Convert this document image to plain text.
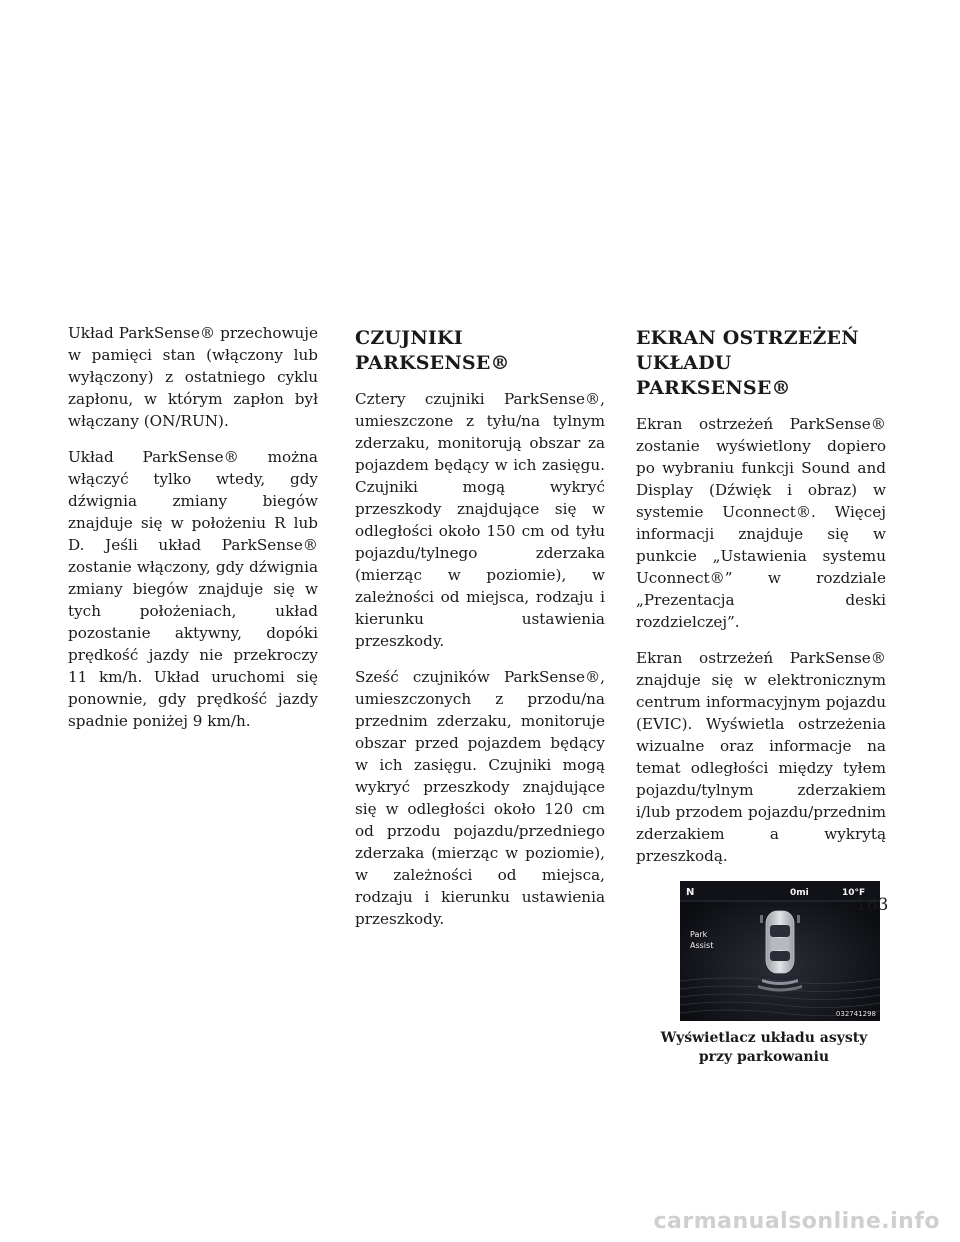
Układ ParkSense® przechowuje w pamięci stan (włączony lub wyłączony) z ostatniego cyklu zapłonu, w którym zapłon był włączany (ON/RUN).

Układ ParkSense® można włączyć tylko wtedy, gdy dźwignia zmiany biegów znajduje się w położeniu R lub D. Jeśli układ ParkSense® zostanie włączony, gdy dźwignia zmiany biegów znajduje się w tych położeniach, układ pozostanie aktywny, dopóki prędkość jazdy nie przekroczy 11 km/h. Układ uruchomi się ponownie, gdy prędkość jazdy spadnie poniżej 9 km/h.

CZUJNIKI PARKSENSE®

Cztery czujniki ParkSense®, umieszczone z tyłu/na tylnym zderzaku, monitorują obszar za pojazdem będący w ich zasięgu. Czujniki mogą wykryć przeszkody znajdujące się w odległości około 150 cm od tyłu pojazdu/tylnego zderzaka (mierząc w poziomie), w zależności od miejsca, rodzaju i kierunku ustawienia przeszkody.

Sześć czujników ParkSense®, umieszczonych z przodu/na przednim zderzaku, monitoruje obszar przed pojazdem będący w ich zasięgu. Czujniki mogą wykryć przeszkody znajdujące się w odległości około 120 cm od przodu pojazdu/przedniego zderzaka (mierząc w poziomie), w zależności od miejsca, rodzaju i kierunku ustawienia przeszkody.

EKRAN OSTRZEŻEŃ
UKŁADU PARKSENSE®

Ekran ostrzeżeń ParkSense® zostanie wyświetlony dopiero po wybraniu funkcji Sound and Display (Dźwięk i obraz) w systemie Uconnect®. Więcej informacji znajduje się w punkcie „Ustawienia systemu Uconnect®” w rozdziale „Prezentacja deski rozdzielczej”.

Ekran ostrzeżeń ParkSense® znajduje się w elektronicznym centrum informacyjnym pojazdu (EVIC). Wyświetla ostrzeżenia wizualne oraz informacje na temat odległości między tyłem pojazdu/tylnym zderzakiem i/lub przodem pojazdu/przednim zderzakiem a wykrytą przeszkodą.

N	0mi	10°F
Park
Assist
032741298
Wyświetlacz układu asysty przy parkowaniu
163
carmanualsonline.info
